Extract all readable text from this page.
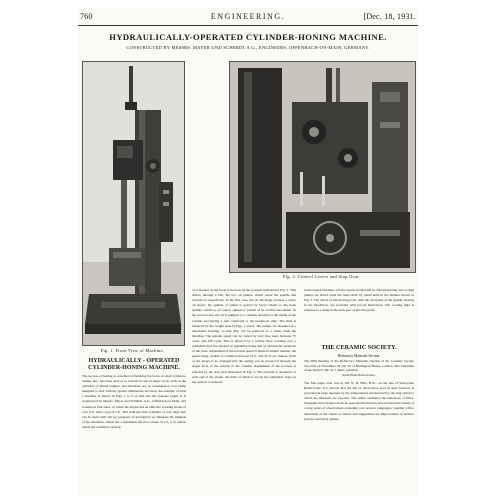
760	ENGINEERING.	[Dec. 18, 1931.
HYDRAULICALLY-OPERATED CYLINDER-HONING MACHINE.
CONSTRUCTED BY MESSRS. MAYER UND SCHMIDT A.G., ENGINEERS, OFFENBACH-ON-MAIN, GERMANY.
Fig. 1. Front View of Machine.
Fig. 2. Control Levers and Stop Gear.
HYDRAULICALLY - OPERATED CYLINDER-HONING MACHINE.
The success of honing as a method of finishing the bores of small cylinders, bushes, &c., has been such as to warrant its use in larger work, such as the cylinders of Diesel engines, and machines are, in consequence, now being designed to deal with the greater dimensions involved. An example of such a machine is shown in Figs. 1 to 3 on this and the opposite pages. It is constructed by Messrs. Mayer und Schmidt, A.G., Offenbach-on-Main, and is made in four sizes, of which the largest has an effective working stroke of over 6 ft. with a gap of 2 ft. This indicates that cylinders of very large size can be dealt with, but for purposes of description we illustrate the smallest of the machines, which has a maximum effective stroke of 2 ft. 3 in. and in which the column is vertical.
on a bracket on the back of the base in the position indicated in Fig. 3. This drives, through a belt, the two oil pumps, which rotate the spindle and traverse it, respectively. In the first case, the oil discharge actuates a rotary oil motor, the spindle of which is geared by bevel wheels to the hone spindle, which is, of course, splined to permit of its vertical movement. In the second case, the oil is pumped to a cylinder attached to the inside of the column and having a ram connected to the headstock slide. The slide is balanced by the weight seen in Figs. 1 and 4. The pumps are mounted in a detachable housing, so that they can be removed as a whole from the machine. The spindle speed can be varied by very fine steps between 75 r.p.m. and 250 r.p.m. This is effected by a control lever working over a graduated dial, the amount of regulation being that of altering the positions of the rotor. Adjustment of the traverse speed is made in similar manner, the speed being capable of variation between 10 ft. and 35 ft. per minute. Each of the levers is so arranged that the setting can be preserved through the single lever at the bottom of the column. Adjustment of the traverse is effected by the stop gear illustrated in Fig. 2. The reversal is automatic at each end of the stroke, the limit of which is set by the adjustable stops on the vertical rod shown.
in the largest machine, and the stones are then lift in. The lubricating and cooling pumps are driven from the main shaft by round belts in the manner shown in Fig. 3. The whole of the moving parts, with the exception of the spindle bearing in the headstock, are provided with forced lubrication. The cooling fluid is returned to a sump in the back part of the base plate.
THE CERAMIC SOCIETY.
Refractory Materials Section.
The 28th meeting of the Refractory Materials Section of the Ceramic Society was held on November 18 and 19, at Burlington House, London. The Chairman of the Section, Mr. W. J. Rees, presided.
Steel-Plant Refractories.
The first paper read was by Mr. N. H. Ellis, B.Sc., on the title of Steel-plant Refractories. It is known that the life of refractories used in steel furnaces is governed in large measure by the temperatures reached and by the slag attack to which the materials are exposed. The author examined the behaviour of silica, magnesite and chrome bricks in open-hearth furnaces and recorded the results of a long series of observations extending over several campaigns, together with a discussion of the causes of failure and suggestions for improvement of furnace practice and brick quality.
